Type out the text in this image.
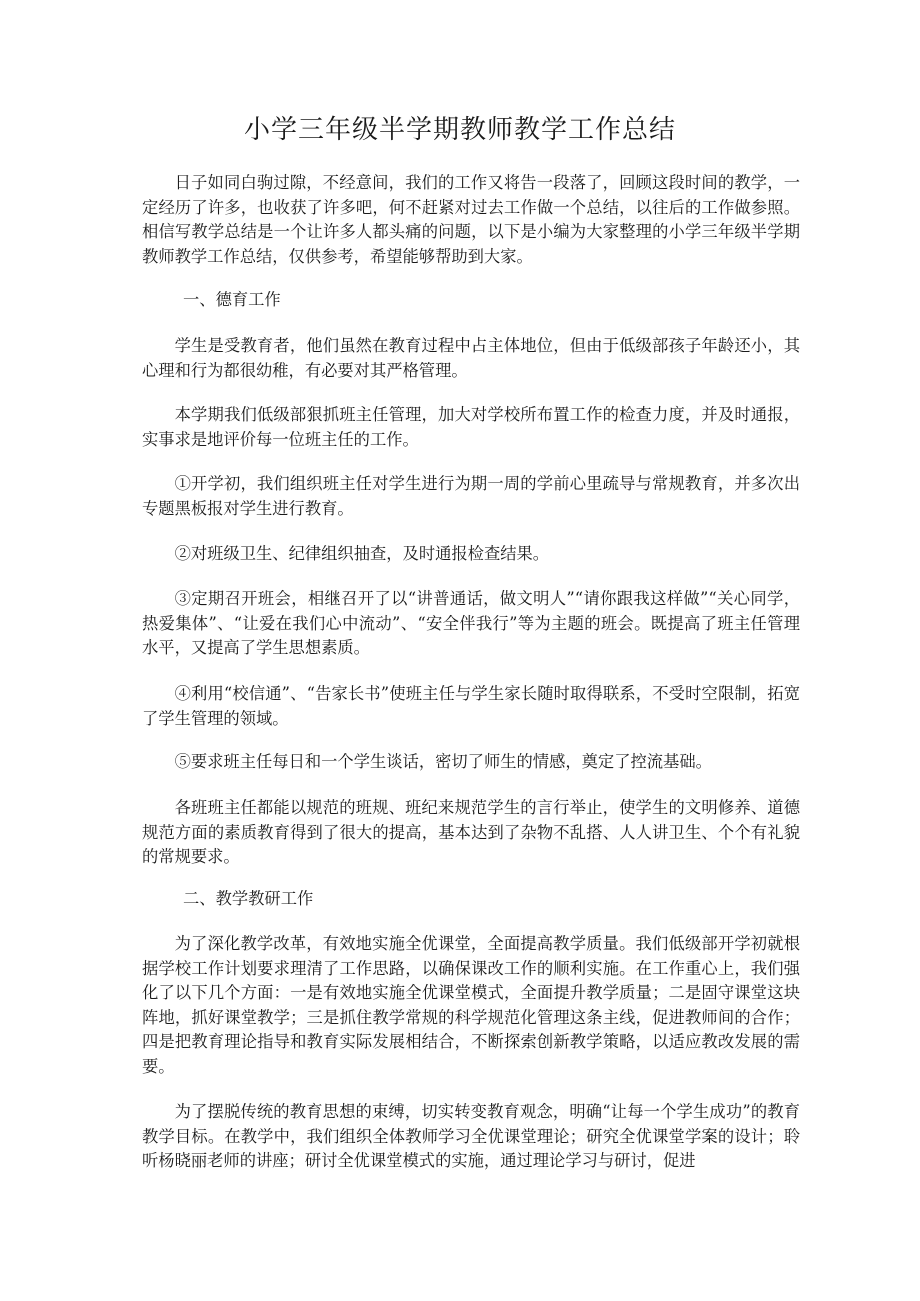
小学三年级半学期教师教学工作总结

日子如同白驹过隙，不经意间，我们的工作又将告一段落了，回顾这段时间的教学，一定经历了许多，也收获了许多吧，何不赶紧对过去工作做一个总结，以往后的工作做参照。相信写教学总结是一个让许多人都头痛的问题，以下是小编为大家整理的小学三年级半学期教师教学工作总结，仅供参考，希望能够帮助到大家。

一、德育工作

学生是受教育者，他们虽然在教育过程中占主体地位，但由于低级部孩子年龄还小，其心理和行为都很幼稚，有必要对其严格管理。

本学期我们低级部狠抓班主任管理，加大对学校所布置工作的检查力度，并及时通报，实事求是地评价每一位班主任的工作。

①开学初，我们组织班主任对学生进行为期一周的学前心里疏导与常规教育，并多次出专题黑板报对学生进行教育。

②对班级卫生、纪律组织抽查，及时通报检查结果。

③定期召开班会，相继召开了以“讲普通话，做文明人”“请你跟我这样做”“关心同学，热爱集体”、“让爱在我们心中流动”、“安全伴我行”等为主题的班会。既提高了班主任管理水平，又提高了学生思想素质。

④利用“校信通”、“告家长书”使班主任与学生家长随时取得联系，不受时空限制，拓宽了学生管理的领域。

⑤要求班主任每日和一个学生谈话，密切了师生的情感，奠定了控流基础。

各班班主任都能以规范的班规、班纪来规范学生的言行举止，使学生的文明修养、道德规范方面的素质教育得到了很大的提高，基本达到了杂物不乱搭、人人讲卫生、个个有礼貌的常规要求。

二、教学教研工作

为了深化教学改革，有效地实施全优课堂，全面提高教学质量。我们低级部开学初就根据学校工作计划要求理清了工作思路，以确保课改工作的顺利实施。在工作重心上，我们强化了以下几个方面：一是有效地实施全优课堂模式，全面提升教学质量；二是固守课堂这块阵地，抓好课堂教学；三是抓住教学常规的科学规范化管理这条主线，促进教师间的合作；四是把教育理论指导和教育实际发展相结合，不断探索创新教学策略，以适应教改发展的需要。

为了摆脱传统的教育思想的束缚，切实转变教育观念，明确“让每一个学生成功”的教育教学目标。在教学中，我们组织全体教师学习全优课堂理论；研究全优课堂学案的设计；聆听杨晓丽老师的讲座；研讨全优课堂模式的实施，通过理论学习与研讨，促进
